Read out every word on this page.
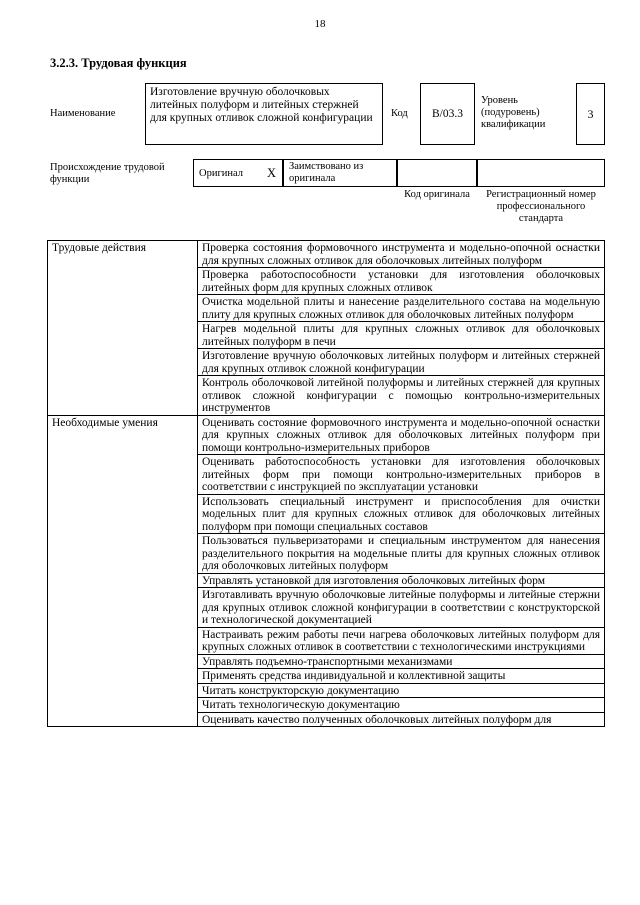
18
3.2.3. Трудовая функция
Наименование
Изготовление вручную оболочковых литейных полуформ и литейных стержней для крупных отливок сложной конфигурации	Код	В/03.3
Уровень (подуровень) квалификации
3
Происхождение трудовой функции
Оригинал X	Заимствовано из оригинала
Код оригинала	Регистрационный номер профессионального стандарта
Трудовые действия	Проверка состояния формовочного инструмента и модельно-опочной оснастки для крупных сложных отливок для оболочковых литейных полуформ
	Проверка работоспособности установки для изготовления оболочковых литейных форм для крупных сложных отливок
	Очистка модельной плиты и нанесение разделительного состава на модельную плиту для крупных сложных отливок для оболочковых литейных полуформ
	Нагрев модельной плиты для крупных сложных отливок для оболочковых литейных полуформ в печи
	Изготовление вручную оболочковых литейных полуформ и литейных стержней для крупных отливок сложной конфигурации
	Контроль оболочковой литейной полуформы и литейных стержней для крупных отливок сложной конфигурации с помощью контрольно-измерительных инструментов
Необходимые умения	Оценивать состояние формовочного инструмента и модельно-опочной оснастки для крупных сложных отливок для оболочковых литейных полуформ при помощи контрольно-измерительных приборов
	Оценивать работоспособность установки для изготовления оболочковых литейных форм при помощи контрольно-измерительных приборов в соответствии с инструкцией по эксплуатации установки
	Использовать специальный инструмент и приспособления для очистки модельных плит для крупных сложных отливок для оболочковых литейных полуформ при помощи специальных составов
	Пользоваться пульверизаторами и специальным инструментом для нанесения разделительного покрытия на модельные плиты для крупных сложных отливок для оболочковых литейных полуформ
	Управлять установкой для изготовления оболочковых литейных форм
	Изготавливать вручную оболочковые литейные полуформы и литейные стержни для крупных отливок сложной конфигурации в соответствии с конструкторской и технологической документацией
	Настраивать режим работы печи нагрева оболочковых литейных полуформ для крупных сложных отливок в соответствии с технологическими инструкциями
	Управлять подъемно-транспортными механизмами
	Применять средства индивидуальной и коллективной защиты
	Читать конструкторскую документацию
	Читать технологическую документацию
	Оценивать качество полученных оболочковых литейных полуформ для
